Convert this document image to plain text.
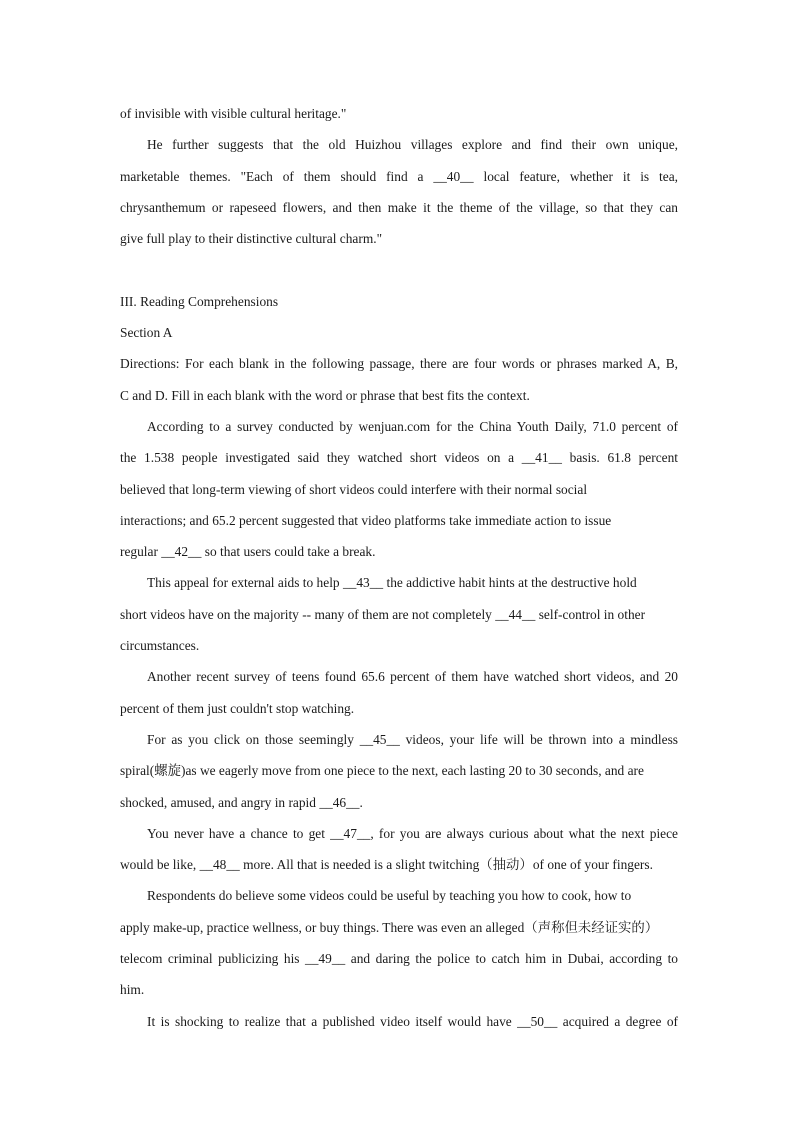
of invisible with visible cultural heritage."

He further suggests that the old Huizhou villages explore and find their own unique,

marketable themes. "Each of them should find a __40__ local feature, whether it is tea,

chrysanthemum or rapeseed flowers, and then make it the theme of the village, so that they can

give full play to their distinctive cultural charm."

III. Reading Comprehensions

Section A

Directions: For each blank in the following passage, there are four words or phrases marked A, B,

C and D. Fill in each blank with the word or phrase that best fits the context.

According to a survey conducted by wenjuan.com for the China Youth Daily, 71.0 percent of

the 1.538 people investigated said they watched short videos on a __41__ basis. 61.8 percent

believed that long-term viewing of short videos could interfere with their normal social

interactions; and 65.2 percent suggested that video platforms take immediate action to issue

regular __42__ so that users could take a break.

This appeal for external aids to help __43__ the addictive habit hints at the destructive hold

short videos have on the majority -- many of them are not completely __44__ self-control in other

circumstances.

Another recent survey of teens found 65.6 percent of them have watched short videos, and 20

percent of them just couldn't stop watching.

For as you click on those seemingly __45__ videos, your life will be thrown into a mindless

spiral(螺旋)as we eagerly move from one piece to the next, each lasting 20 to 30 seconds, and are

shocked, amused, and angry in rapid __46__.

You never have a chance to get __47__, for you are always curious about what the next piece

would be like, __48__ more. All that is needed is a slight twitching（抽动）of one of your fingers.

Respondents do believe some videos could be useful by teaching you how to cook, how to

apply make-up, practice wellness, or buy things. There was even an alleged（声称但未经证实的）

telecom criminal publicizing his __49__ and daring the police to catch him in Dubai, according to

him.

It is shocking to realize that a published video itself would have __50__ acquired a degree of
